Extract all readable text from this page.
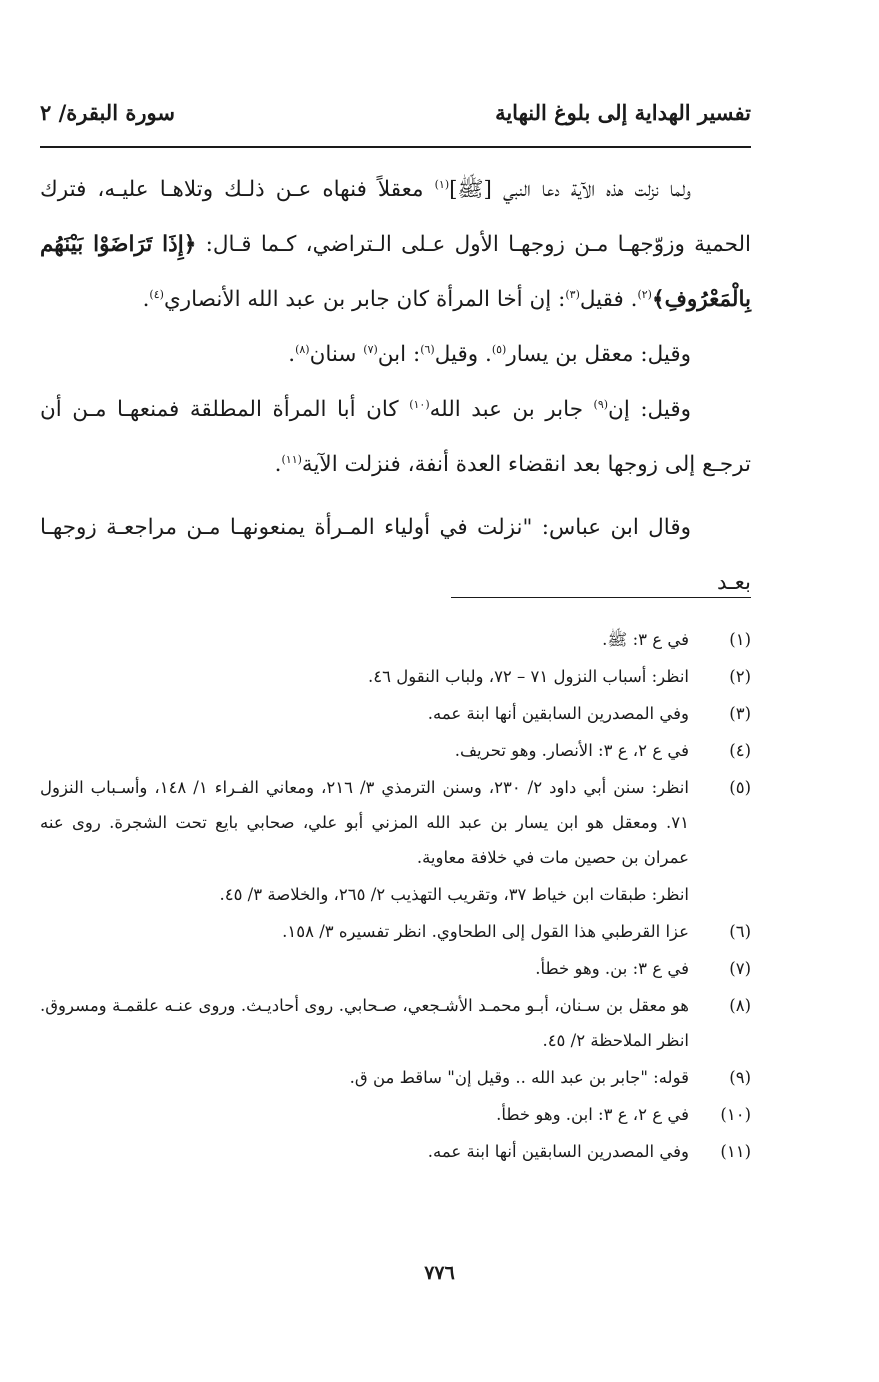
تفسير الهداية إلى بلوغ النهاية
سورة البقرة/ ٢

ولما نزلت هذه الآية دعا النبي [ﷺ]$^{(١)}$ معقلاً فنهاه عـن ذلـك وتلاهـا عليـه، فترك الحمية وزوّجهـا مـن زوجهـا الأول عـلى الـتراضي، كـما قـال: ﴿إِذَا تَرَاضَوْا بَيْنَهُم بِالْمَعْرُوفِ﴾$^{(٢)}$. فقيل$^{(٣)}$: إن أخا المرأة كان جابر بن عبد الله الأنصاري$^{(٤)}$.

وقيل: معقل بن يسار$^{(٥)}$. وقيل$^{(٦)}$: ابن$^{(٧)}$ سنان$^{(٨)}$.

وقيل: إن$^{(٩)}$ جابر بن عبد الله$^{(١٠)}$ كان أبا المرأة المطلقة فمنعهـا مـن أن ترجـع إلى زوجها بعد انقضاء العدة أنفة، فنزلت الآية$^{(١١)}$.

وقال ابن عباس: "نزلت في أولياء المـرأة يمنعونهـا مـن مراجعـة زوجهـا بعـد

(١)
في ع ٣: ﷺ.
(٢)
انظر: أسباب النزول ٧١ – ٧٢، ولباب النقول ٤٦.
(٣)
وفي المصدرين السابقين أنها ابنة عمه.
(٤)
في ع ٢، ع ٣: الأنصار. وهو تحريف.
(٥)
انظر: سنن أبي داود ٢/ ٢٣٠، وسنن الترمذي ٣/ ٢١٦، ومعاني الفـراء ١/ ١٤٨، وأسـباب النزول ٧١. ومعقل هو ابن يسار بن عبد الله المزني أبو علي، صحابي بايع تحت الشجرة. روى عنه عمران بن حصين مات في خلافة معاوية.
انظر: طبقات ابن خياط ٣٧، وتقريب التهذيب ٢/ ٢٦٥، والخلاصة ٣/ ٤٥.
(٦)
عزا القرطبي هذا القول إلى الطحاوي. انظر تفسيره ٣/ ١٥٨.
(٧)
في ع ٣: بن. وهو خطأ.
(٨)
هو معقل بن سـنان، أبـو محمـد الأشـجعي، صـحابي. روى أحاديـث. وروى عنـه علقمـة ومسروق. انظر الملاحظة ٢/ ٤٥.
(٩)
قوله: "جابر بن عبد الله .. وقيل إن" ساقط من ق.
(١٠)
في ع ٢، ع ٣: ابن. وهو خطأ.
(١١)
وفي المصدرين السابقين أنها ابنة عمه.
٧٧٦
